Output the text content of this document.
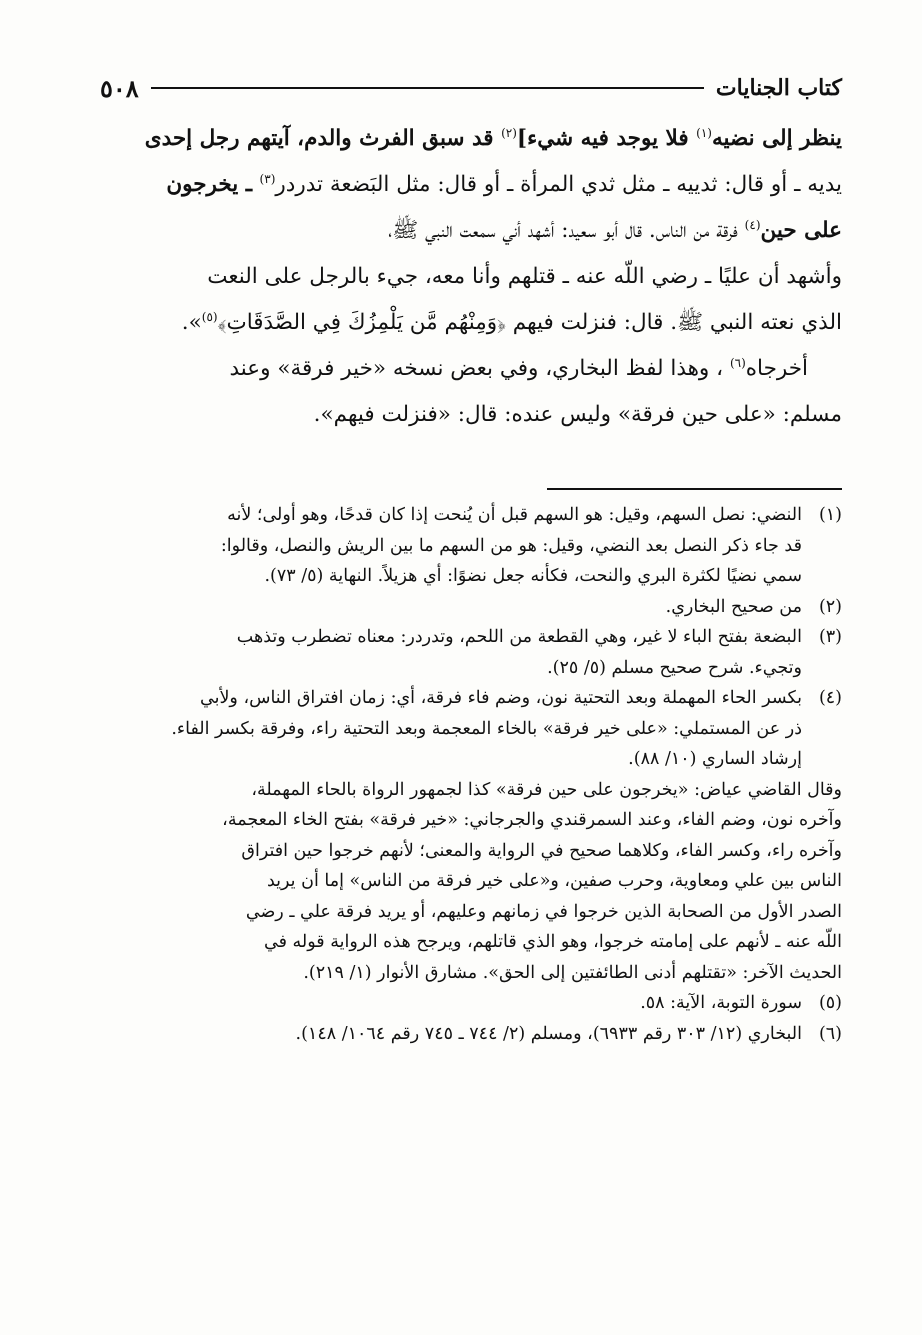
كتاب الجنايات
٥٠٨
ينظر إلى نضيه$^{(١)}$ فلا يوجد فيه شيء]$^{(٢)}$ قد سبق الفرث والدم، آيتهم رجل إحدى
يديه ـ أو قال: ثدييه ـ مثل ثدي المرأة ـ أو قال: مثل البَضعة تدردر$^{(٣)}$ ـ يخرجون
على حين$^{(٤)}$ فرقة من الناس. قال أبو سعيد: أشهد أني سمعت النبي ﷺ،
وأشهد أن عليًا ـ رضي اللّه عنه ـ قتلهم وأنا معه، جيء بالرجل على النعت
الذي نعته النبي ﷺ. قال: فنزلت فيهم ﴿وَمِنْهُم مَّن يَلْمِزُكَ فِي الصَّدَقَاتِ﴾$^{(٥)}$».
أخرجاه$^{(٦)}$ ، وهذا لفظ البخاري، وفي بعض نسخه «خير فرقة» وعند
مسلم: «على حين فرقة» وليس عنده: قال: «فنزلت فيهم».
(١)
النضي: نصل السهم، وقيل: هو السهم قبل أن يُنحت إذا كان قدحًا، وهو أولى؛ لأنه
قد جاء ذكر النصل بعد النضي، وقيل: هو من السهم ما بين الريش والنصل، وقالوا:
سمي نضيًا لكثرة البري والنحت، فكأنه جعل نضوًا: أي هزيلاً. النهاية (٥/ ٧٣).
(٢)
من صحيح البخاري.
(٣)
البضعة بفتح الباء لا غير، وهي القطعة من اللحم، وتدردر: معناه تضطرب وتذهب
وتجيء. شرح صحيح مسلم (٥/ ٢٥).
(٤)
بكسر الحاء المهملة وبعد التحتية نون، وضم فاء فرقة، أي: زمان افتراق الناس، ولأبي
ذر عن المستملي: «على خير فرقة» بالخاء المعجمة وبعد التحتية راء، وفرقة بكسر الفاء.
إرشاد الساري (١٠/ ٨٨).
وقال القاضي عياض: «يخرجون على حين فرقة» كذا لجمهور الرواة بالحاء المهملة،
وآخره نون، وضم الفاء، وعند السمرقندي والجرجاني: «خير فرقة» بفتح الخاء المعجمة،
وآخره راء، وكسر الفاء، وكلاهما صحيح في الرواية والمعنى؛ لأنهم خرجوا حين افتراق
الناس بين علي ومعاوية، وحرب صفين، و«على خير فرقة من الناس» إما أن يريد
الصدر الأول من الصحابة الذين خرجوا في زمانهم وعليهم، أو يريد فرقة علي ـ رضي
اللّه عنه ـ لأنهم على إمامته خرجوا، وهو الذي قاتلهم، ويرجح هذه الرواية قوله في
الحديث الآخر: «تقتلهم أدنى الطائفتين إلى الحق». مشارق الأنوار (١/ ٢١٩).
(٥)
سورة التوبة، الآية: ٥٨.
(٦)
البخاري (١٢/ ٣٠٣ رقم ٦٩٣٣)، ومسلم (٢/ ٧٤٤ ـ ٧٤٥ رقم ١٠٦٤/ ١٤٨).
